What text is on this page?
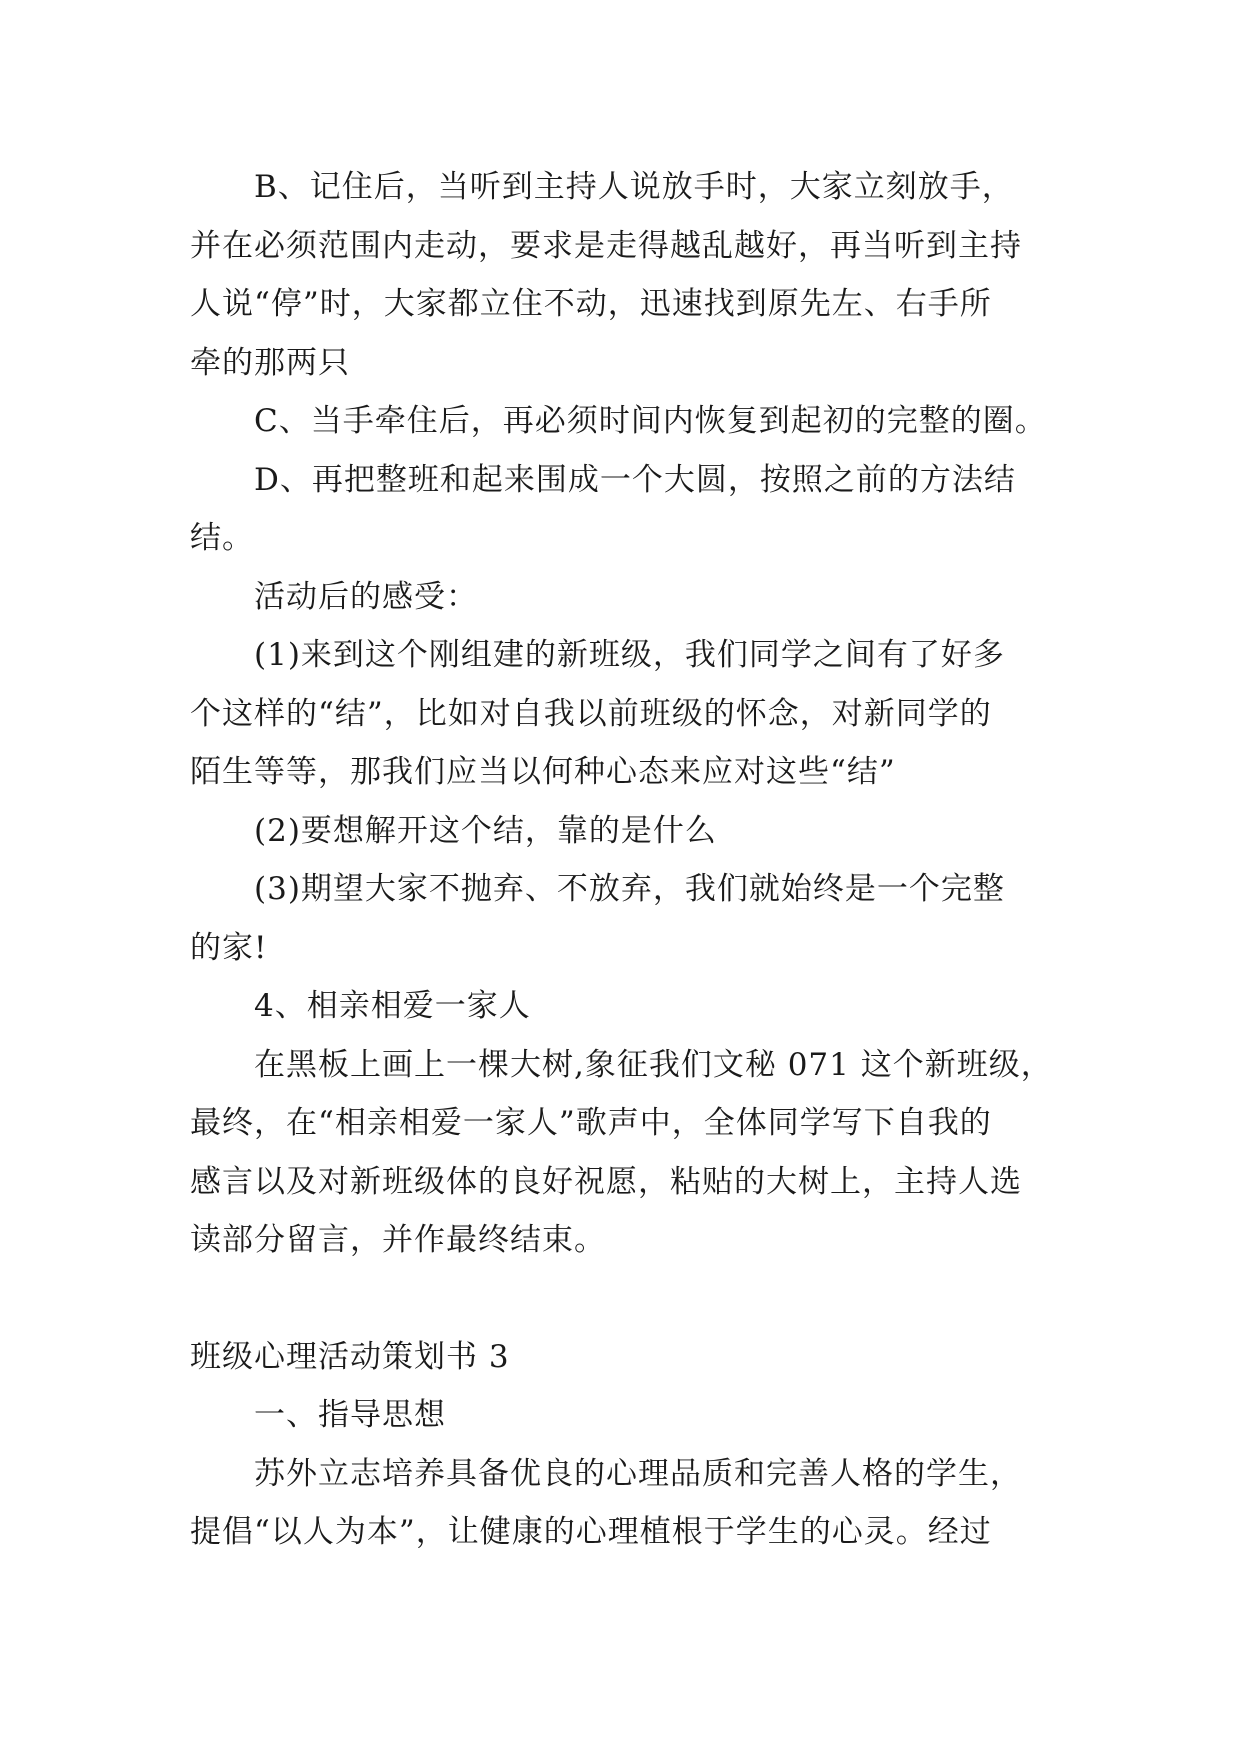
B、记住后，当听到主持人说放手时，大家立刻放手，
并在必须范围内走动，要求是走得越乱越好，再当听到主持
人说“停”时，大家都立住不动，迅速找到原先左、右手所
牵的那两只
C、当手牵住后，再必须时间内恢复到起初的完整的圈。
D、再把整班和起来围成一个大圆，按照之前的方法结
结。
活动后的感受：
(1)来到这个刚组建的新班级，我们同学之间有了好多
个这样的“结”，比如对自我以前班级的怀念，对新同学的
陌生等等，那我们应当以何种心态来应对这些“结”
(2)要想解开这个结，靠的是什么
(3)期望大家不抛弃、不放弃，我们就始终是一个完整
的家!
4、相亲相爱一家人
在黑板上画上一棵大树,象征我们文秘 071 这个新班级，
最终，在“相亲相爱一家人”歌声中，全体同学写下自我的
感言以及对新班级体的良好祝愿，粘贴的大树上，主持人选
读部分留言，并作最终结束。
班级心理活动策划书 3
一、指导思想
苏外立志培养具备优良的心理品质和完善人格的学生，
提倡“以人为本”，让健康的心理植根于学生的心灵。经过
